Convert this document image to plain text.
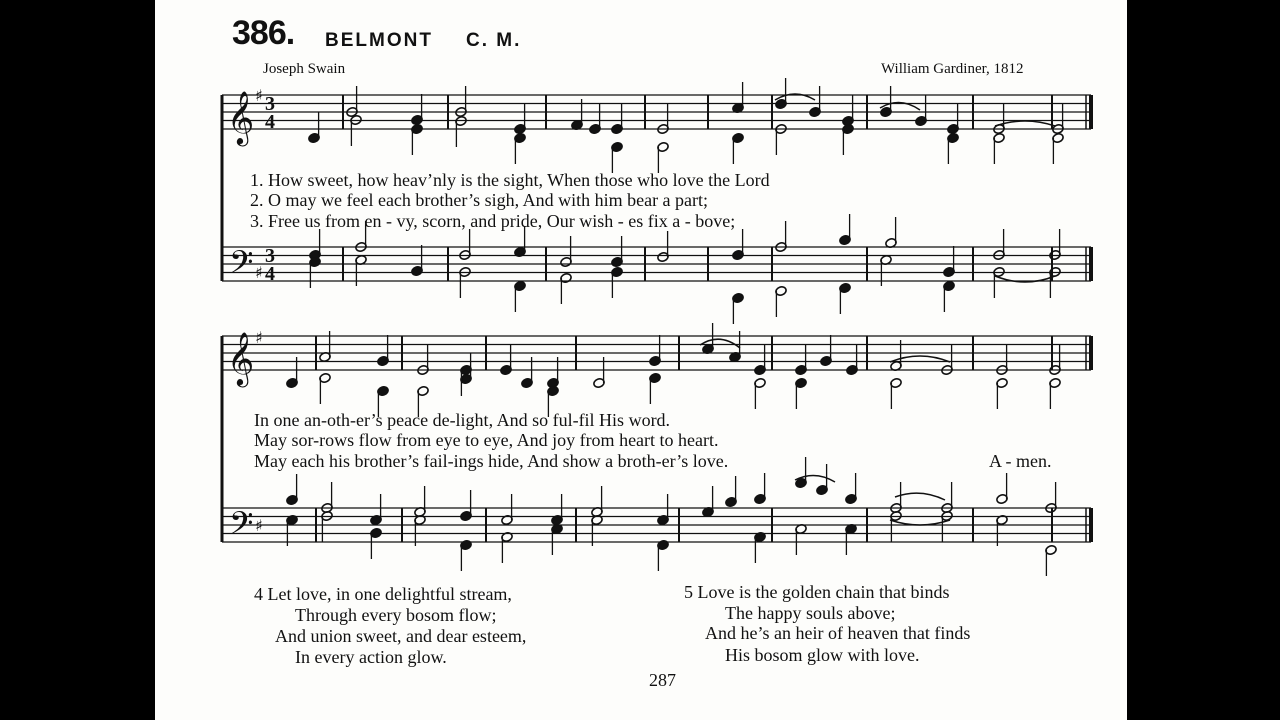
386. BELMONT C. M.
Joseph Swain	William Gardiner, 1812
𝄞
𝄢
𝄞
𝄢
♯
♯
♯
♯
3
4
3
4
1. How sweet, how heav’nly is the sight, When those who love the Lord
2. O may we feel each brother’s sigh, And with him bear a part;
3. Free us from en - vy, scorn, and pride, Our wish - es fix a - bove;
In one an-oth-er’s peace de-light, And so ful-fil His word.
May sor-rows flow from eye to eye, And joy from heart to heart.
May each his brother’s fail-ings hide, And show a broth-er’s love.	A - men.
4 Let love, in one delightful stream,
Through every bosom flow;
And union sweet, and dear esteem,
In every action glow.
5 Love is the golden chain that binds
The happy souls above;
And he’s an heir of heaven that finds
His bosom glow with love.
287
